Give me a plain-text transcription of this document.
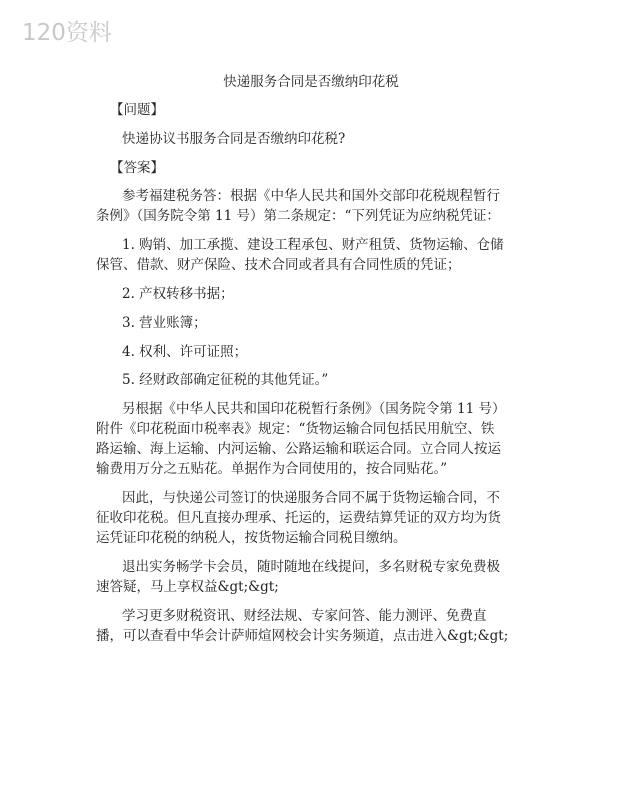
120资料
快递服务合同是否缴纳印花税
【问题】
快递协议书服务合同是否缴纳印花税?
【答案】
参考福建税务答：根据《中华人民共和国外交部印花税规程暂行
条例》（国务院令第 11 号）第二条规定：“下列凭证为应纳税凭证：
1. 购销、加工承揽、建设工程承包、财产租赁、货物运输、仓储
保管、借款、财产保险、技术合同或者具有合同性质的凭证；
2. 产权转移书据；
3. 营业账簿；
4. 权利、许可证照；
5. 经财政部确定征税的其他凭证。”
另根据《中华人民共和国印花税暂行条例》（国务院令第 11 号）
附件《印花税面巾税率表》规定：“货物运输合同包括民用航空、铁
路运输、海上运输、内河运输、公路运输和联运合同。立合同人按运
输费用万分之五贴花。单据作为合同使用的，按合同贴花。”
因此，与快递公司签订的快递服务合同不属于货物运输合同，不
征收印花税。但凡直接办理承、托运的，运费结算凭证的双方均为货
运凭证印花税的纳税人，按货物运输合同税目缴纳。
退出实务畅学卡会员，随时随地在线提问，多名财税专家免费极
速答疑，马上享权益&gt;&gt;
学习更多财税资讯、财经法规、专家问答、能力测评、免费直
播，可以查看中华会计萨师煊网校会计实务频道，点击进入&gt;&gt;
